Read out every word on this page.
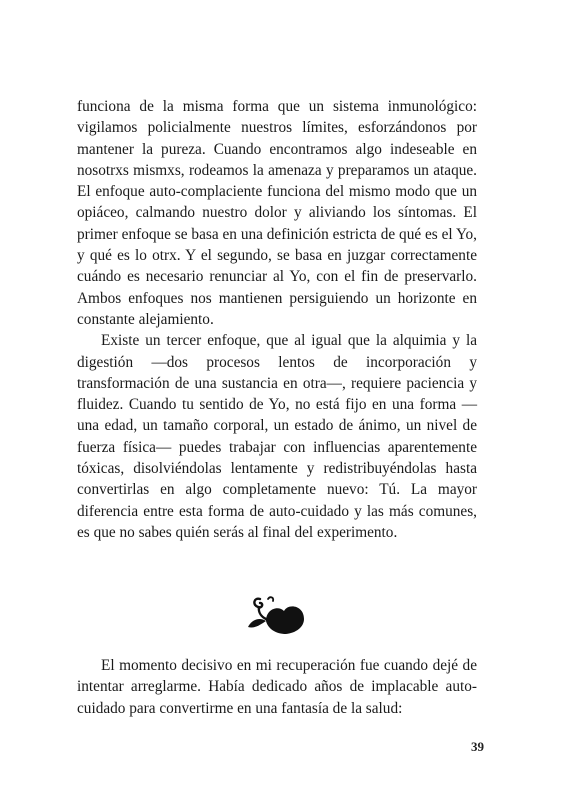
funciona de la misma forma que un sistema inmunológico: vigilamos policialmente nuestros límites, esforzándonos por mantener la pureza. Cuando encontramos algo indeseable en nosotrxs mismxs, rodeamos la amenaza y preparamos un ataque. El enfoque auto-complaciente funciona del mismo modo que un opiáceo, calmando nuestro dolor y aliviando los síntomas. El primer enfoque se basa en una definición estricta de qué es el Yo, y qué es lo otrx. Y el segundo, se basa en juzgar correctamente cuándo es necesario renunciar al Yo, con el fin de preservarlo. Ambos enfoques nos mantienen persiguiendo un horizonte en constante alejamiento.

Existe un tercer enfoque, que al igual que la alquimia y la digestión —dos procesos lentos de incorporación y transformación de una sustancia en otra—, requiere paciencia y fluidez. Cuando tu sentido de Yo, no está fijo en una forma —una edad, un tamaño corporal, un estado de ánimo, un nivel de fuerza física— puedes trabajar con influencias aparentemente tóxicas, disolviéndolas lentamente y redistribuyéndolas hasta convertirlas en algo completamente nuevo: Tú. La mayor diferencia entre esta forma de auto-cuidado y las más comunes, es que no sabes quién serás al final del experimento.

El momento decisivo en mi recuperación fue cuando dejé de intentar arreglarme. Había dedicado años de implacable auto-cuidado para convertirme en una fantasía de la salud:

39
